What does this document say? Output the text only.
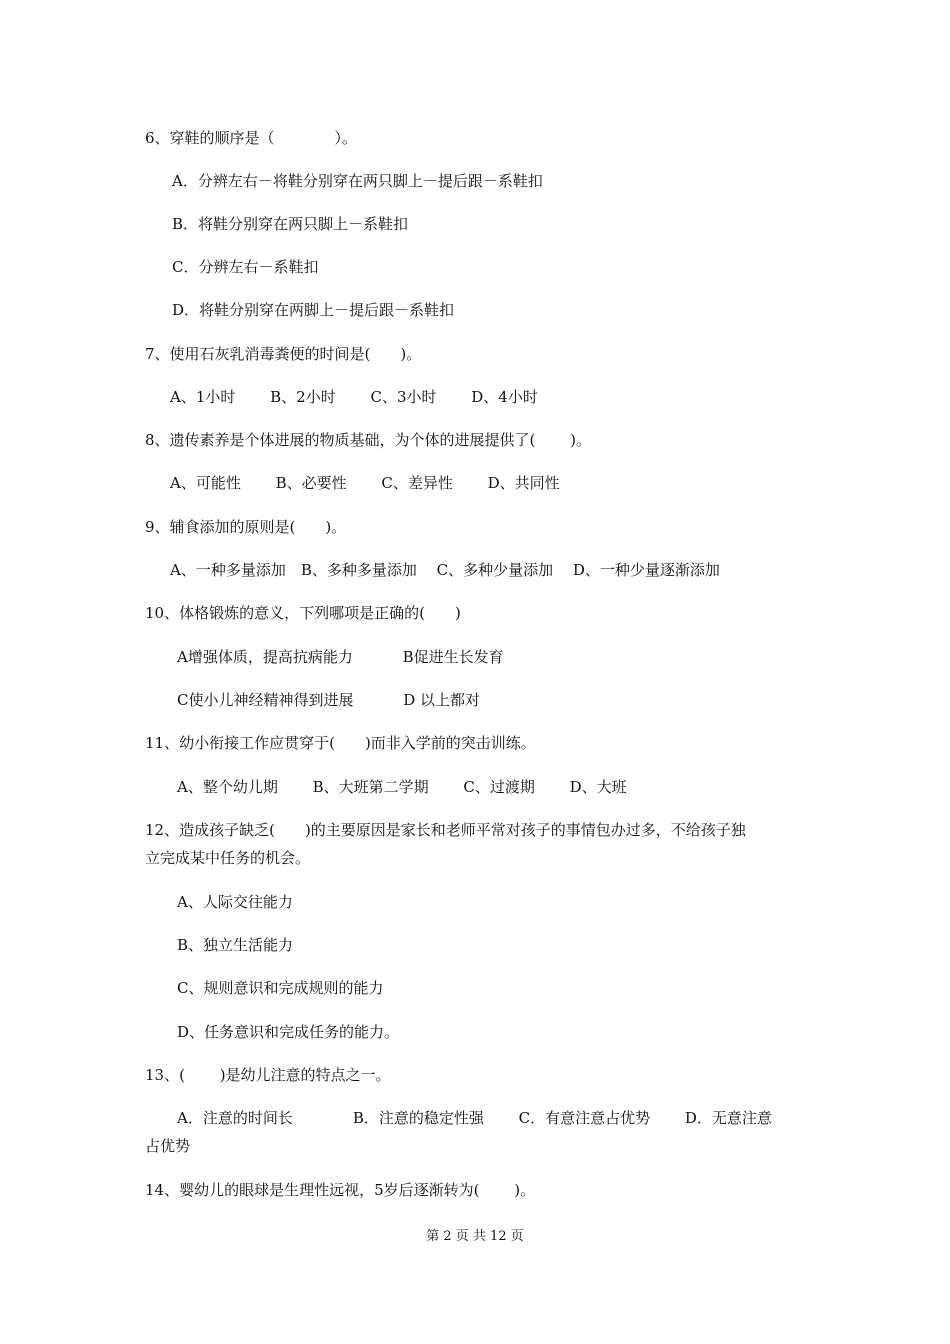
6、穿鞋的顺序是（　　　　）。
A．分辨左右－将鞋分别穿在两只脚上－提后跟－系鞋扣
B．将鞋分别穿在两只脚上－系鞋扣
C．分辨左右－系鞋扣
D．将鞋分别穿在两脚上－提后跟－系鞋扣
7、使用石灰乳消毒粪便的时间是(　　)。
A、1小时　　 B、2小时　　 C、3小时　　 D、4小时
8、遗传素养是个体进展的物质基础，为个体的进展提供了(　　 )。
A、可能性　　 B、必要性　　 C、差异性　　 D、共同性
9、辅食添加的原则是(　　)。
A、一种多量添加　B、多种多量添加　 C、多种少量添加　 D、一种少量逐渐添加
10、体格锻炼的意义，下列哪项是正确的(　　)
A增强体质，提高抗病能力　　　 B促进生长发育
C使小儿神经精神得到进展　　　 D 以上都对
11、幼小衔接工作应贯穿于(　　)而非入学前的突击训练。
A、整个幼儿期　　 B、大班第二学期　　 C、过渡期　　 D、大班
12、造成孩子缺乏(　　)的主要原因是家长和老师平常对孩子的事情包办过多，不给孩子独
立完成某中任务的机会。
A、人际交往能力
B、独立生活能力
C、规则意识和完成规则的能力
D、任务意识和完成任务的能力。
13、(　　 )是幼儿注意的特点之一。
A．注意的时间长　　　　B．注意的稳定性强　　 C．有意注意占优势　　 D．无意注意
占优势
14、婴幼儿的眼球是生理性远视，5岁后逐渐转为(　　 )。
第 2 页 共 12 页
